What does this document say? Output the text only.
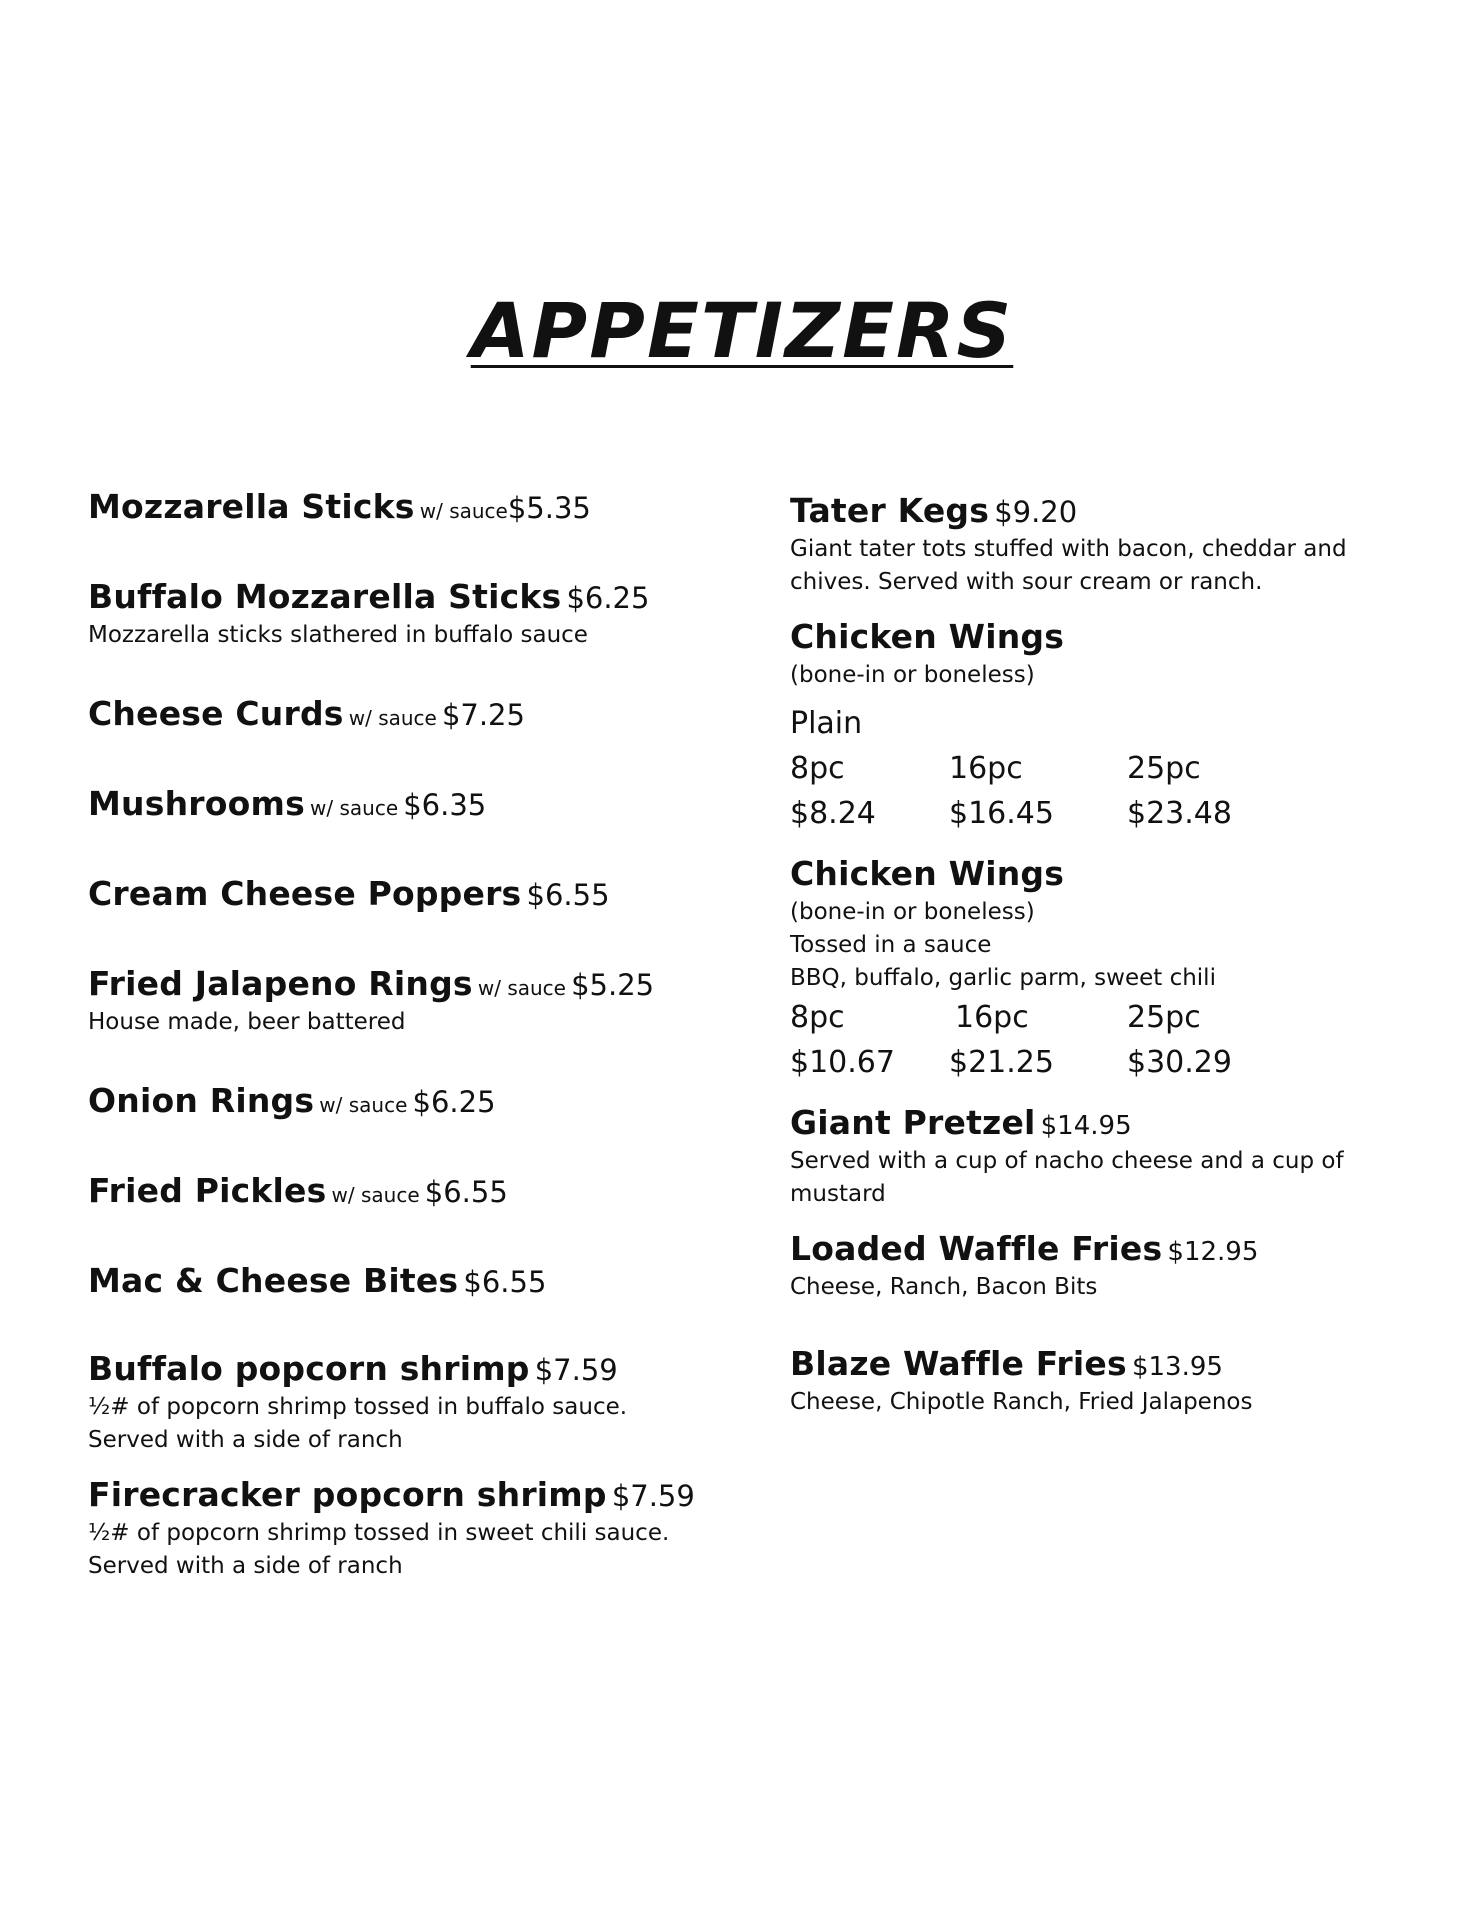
APPETIZERS
Mozzarella Sticks w/ sauce$5.35
Buffalo Mozzarella Sticks $6.25
Mozzarella sticks slathered in buffalo sauce
Cheese Curds w/ sauce $7.25
Mushrooms w/ sauce $6.35
Cream Cheese Poppers $6.55
Fried Jalapeno Rings w/ sauce $5.25
House made, beer battered
Onion Rings w/ sauce $6.25
Fried Pickles w/ sauce $6.55
Mac & Cheese Bites $6.55
Buffalo popcorn shrimp $7.59
½# of popcorn shrimp tossed in buffalo sauce.
Served with a side of ranch
Firecracker popcorn shrimp $7.59
½# of popcorn shrimp tossed in sweet chili sauce.
Served with a side of ranch
Tater Kegs $9.20
Giant tater tots stuffed with bacon, cheddar and
chives. Served with sour cream or ranch.
Chicken Wings
(bone-in or boneless)
Plain
8pc	16pc	25pc
$8.24	$16.45	$23.48
Chicken Wings
(bone-in or boneless)
Tossed in a sauce
BBQ, buffalo, garlic parm, sweet chili
8pc	16pc	25pc
$10.67	$21.25	$30.29
Giant Pretzel $14.95
Served with a cup of nacho cheese and a cup of
mustard
Loaded Waffle Fries $12.95
Cheese, Ranch, Bacon Bits
Blaze Waffle Fries $13.95
Cheese, Chipotle Ranch, Fried Jalapenos
